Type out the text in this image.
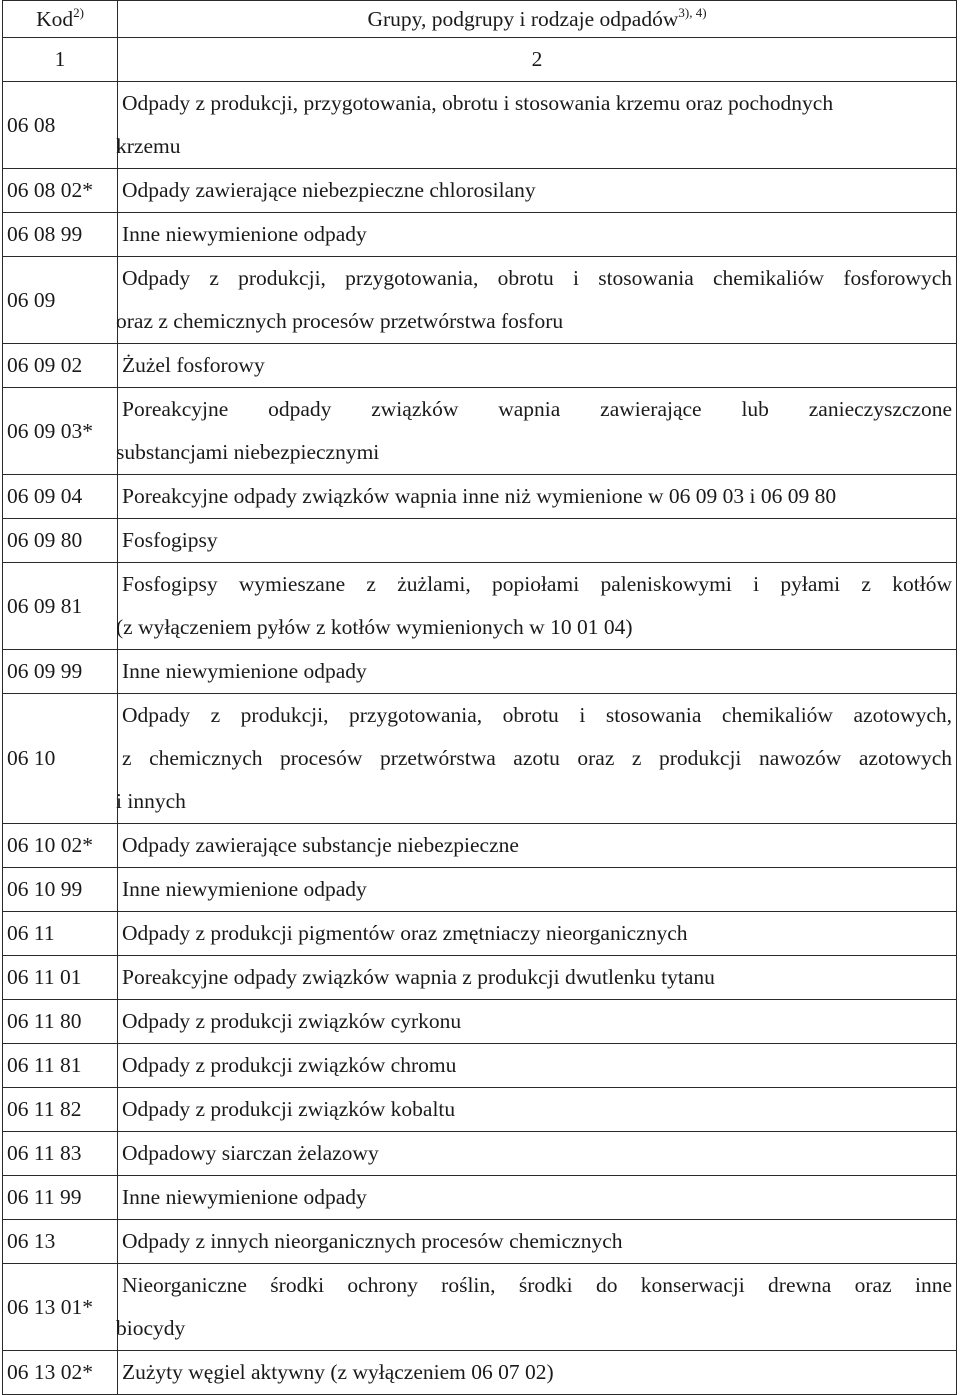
Kod$^{2)}$	Grupy, podgrupy i rodzaje odpadów$^{3), 4)}$
1	2
06 08	Odpady z produkcji, przygotowania, obrotu i stosowania krzemu oraz pochodnych
krzemu

06 08 02*	Odpady zawierające niebezpieczne chlorosilany

06 08 99	Inne niewymienione odpady

06 09	Odpady z produkcji, przygotowania, obrotu i stosowania chemikaliów fosforowych
oraz z chemicznych procesów przetwórstwa fosforu

06 09 02	Żużel fosforowy

06 09 03*	Poreakcyjne odpady związków wapnia zawierające lub zanieczyszczone
substancjami niebezpiecznymi

06 09 04	Poreakcyjne odpady związków wapnia inne niż wymienione w 06 09 03 i 06 09 80

06 09 80	Fosfogipsy

06 09 81	Fosfogipsy wymieszane z żużlami, popiołami paleniskowymi i pyłami z kotłów
(z wyłączeniem pyłów z kotłów wymienionych w 10 01 04)

06 09 99	Inne niewymienione odpady

06 10	Odpady z produkcji, przygotowania, obrotu i stosowania chemikaliów azotowych,
z chemicznych procesów przetwórstwa azotu oraz z produkcji nawozów azotowych
i innych

06 10 02*	Odpady zawierające substancje niebezpieczne

06 10 99	Inne niewymienione odpady

06 11	Odpady z produkcji pigmentów oraz zmętniaczy nieorganicznych

06 11 01	Poreakcyjne odpady związków wapnia z produkcji dwutlenku tytanu

06 11 80	Odpady z produkcji związków cyrkonu

06 11 81	Odpady z produkcji związków chromu

06 11 82	Odpady z produkcji związków kobaltu

06 11 83	Odpadowy siarczan żelazowy

06 11 99	Inne niewymienione odpady

06 13	Odpady z innych nieorganicznych procesów chemicznych

06 13 01*	Nieorganiczne środki ochrony roślin, środki do konserwacji drewna oraz inne
biocydy

06 13 02*	Zużyty węgiel aktywny (z wyłączeniem 06 07 02)
